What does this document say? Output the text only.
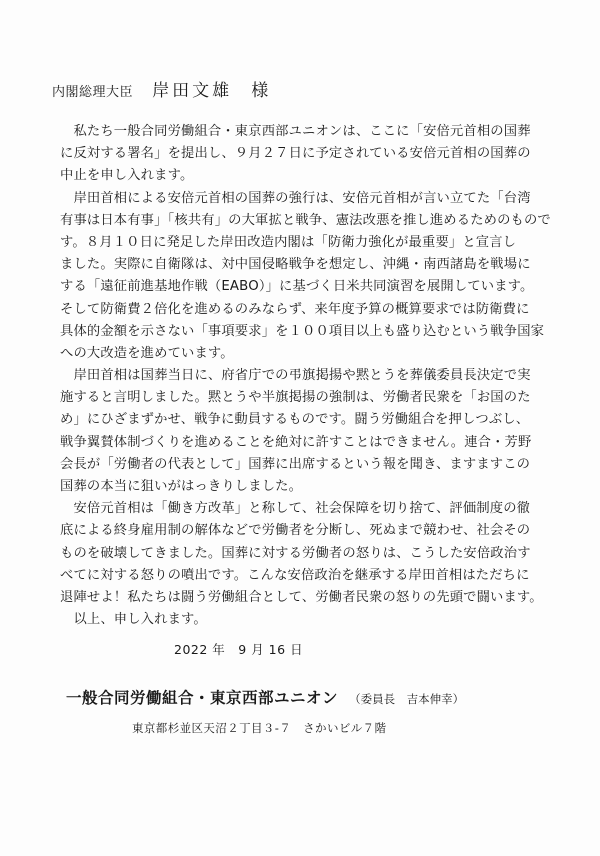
内閣総理大臣 岸田文雄 様
　私たち一般合同労働組合・東京西部ユニオンは、ここに「安倍元首相の国葬
に反対する署名」を提出し、９月２７日に予定されている安倍元首相の国葬の
中止を申し入れます。
　岸田首相による安倍元首相の国葬の強行は、安倍元首相が言い立てた「台湾
有事は日本有事」「核共有」の大軍拡と戦争、憲法改悪を推し進めるためのもので
す。８月１０日に発足した岸田改造内閣は「防衛力強化が最重要」と宣言し
ました。実際に自衛隊は、対中国侵略戦争を想定し、沖縄・南西諸島を戦場に
する「遠征前進基地作戦（EABO）」に基づく日米共同演習を展開しています。
そして防衛費２倍化を進めるのみならず、来年度予算の概算要求では防衛費に
具体的金額を示さない「事項要求」を１００項目以上も盛り込むという戦争国家
への大改造を進めています。
　岸田首相は国葬当日に、府省庁での弔旗掲揚や黙とうを葬儀委員長決定で実
施すると言明しました。黙とうや半旗掲揚の強制は、労働者民衆を「お国のた
め」にひざまずかせ、戦争に動員するものです。闘う労働組合を押しつぶし、
戦争翼賛体制づくりを進めることを絶対に許すことはできません。連合・芳野
会長が「労働者の代表として」国葬に出席するという報を聞き、ますますこの
国葬の本当に狙いがはっきりしました。
　安倍元首相は「働き方改革」と称して、社会保障を切り捨て、評価制度の徹
底による終身雇用制の解体などで労働者を分断し、死ぬまで競わせ、社会その
ものを破壊してきました。国葬に対する労働者の怒りは、こうした安倍政治す
べてに対する怒りの噴出です。こんな安倍政治を継承する岸田首相はただちに
退陣せよ！私たちは闘う労働組合として、労働者民衆の怒りの先頭で闘います。
　以上、申し入れます。
2022 年　9 月 16 日
一般合同労働組合・東京西部ユニオン （委員長　吉本伸幸）
東京都杉並区天沼２丁目３-７　さかいビル７階
